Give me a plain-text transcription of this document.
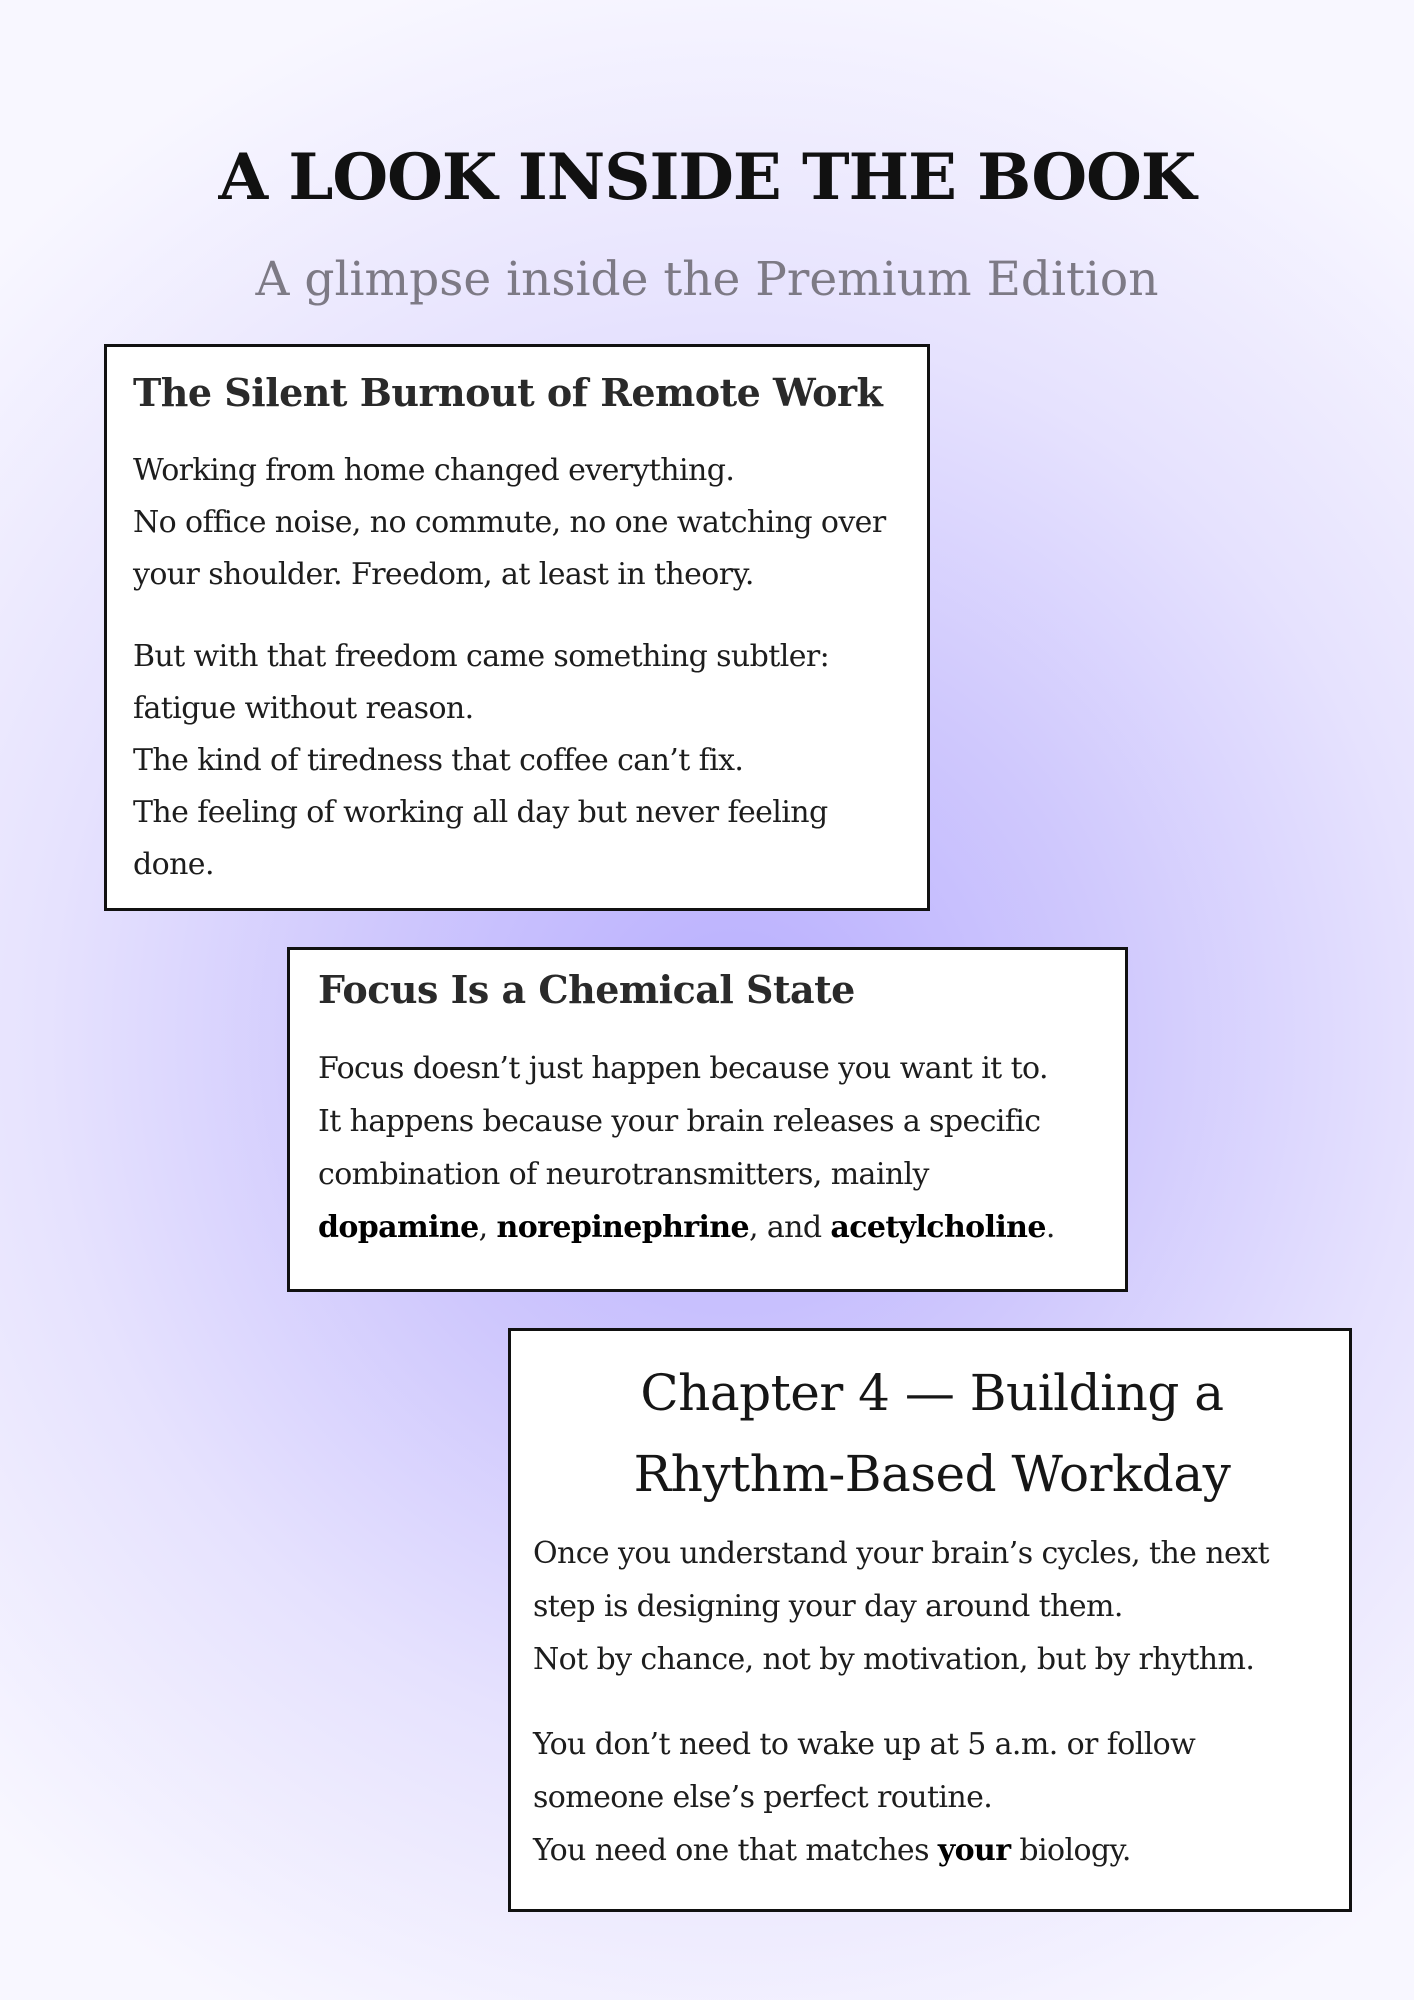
A LOOK INSIDE THE BOOK
A glimpse inside the Premium Edition
The Silent Burnout of Remote Work

Working from home changed everything.
No office noise, no commute, no one watching over
your shoulder. Freedom, at least in theory.

But with that freedom came something subtler:
fatigue without reason.
The kind of tiredness that coffee can’t fix.
The feeling of working all day but never feeling
done.

Focus Is a Chemical State

Focus doesn’t just happen because you want it to.
It happens because your brain releases a specific
combination of neurotransmitters, mainly
dopamine, norepinephrine, and acetylcholine.

Chapter 4 — Building a
Rhythm-Based Workday

Once you understand your brain’s cycles, the next
step is designing your day around them.
Not by chance, not by motivation, but by rhythm.

You don’t need to wake up at 5 a.m. or follow
someone else’s perfect routine.
You need one that matches your biology.
